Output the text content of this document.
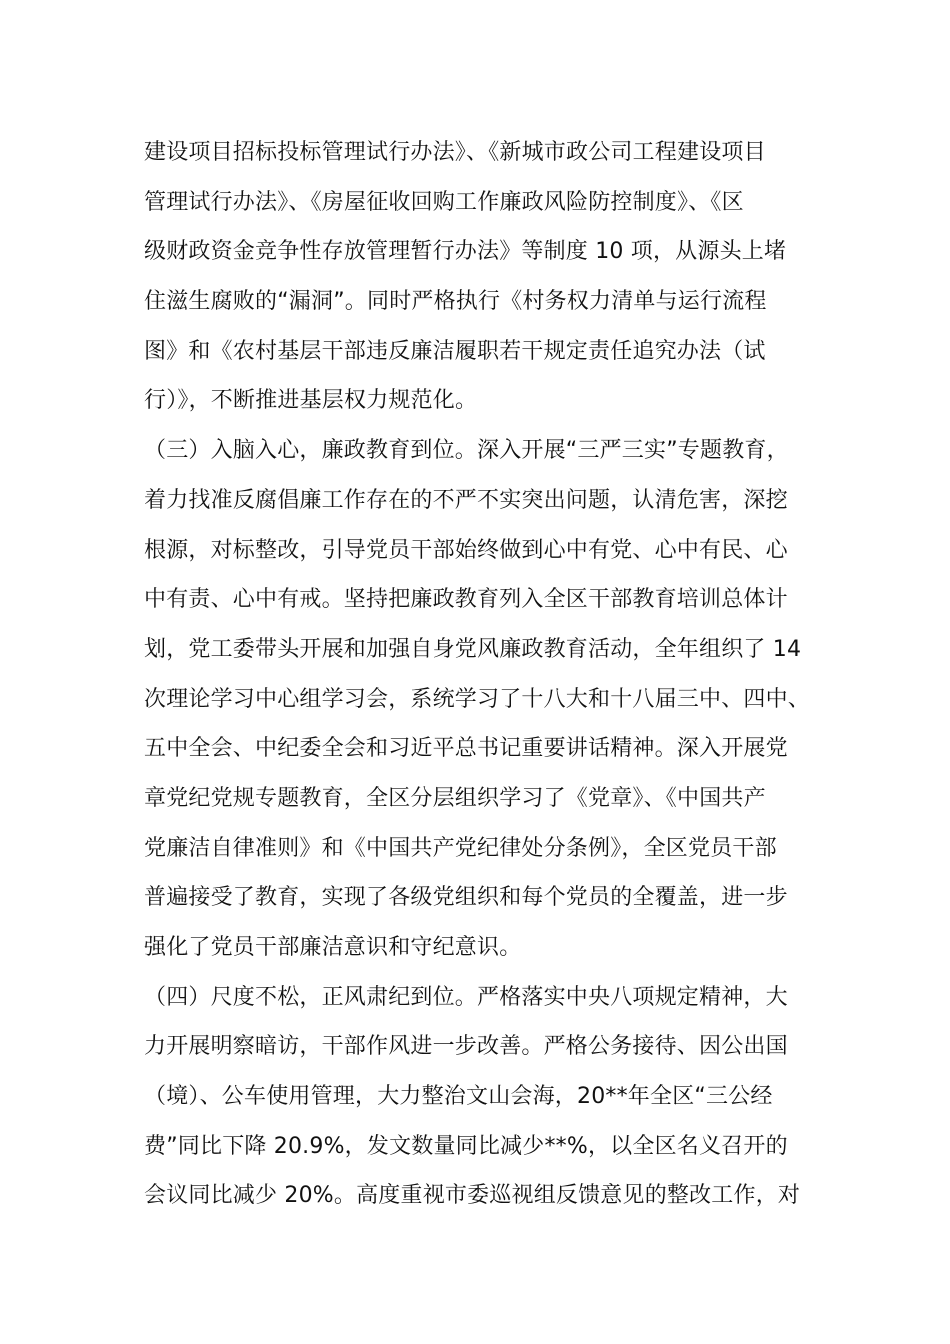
建设项目招标投标管理试行办法》、《新城市政公司工程建设项目
管理试行办法》、《房屋征收回购工作廉政风险防控制度》、《区
级财政资金竞争性存放管理暂行办法》等制度 10 项，从源头上堵
住滋生腐败的“漏洞”。同时严格执行《村务权力清单与运行流程
图》和《农村基层干部违反廉洁履职若干规定责任追究办法（试
行）》，不断推进基层权力规范化。
（三）入脑入心，廉政教育到位。深入开展“三严三实”专题教育，
着力找准反腐倡廉工作存在的不严不实突出问题，认清危害，深挖
根源，对标整改，引导党员干部始终做到心中有党、心中有民、心
中有责、心中有戒。坚持把廉政教育列入全区干部教育培训总体计
划，党工委带头开展和加强自身党风廉政教育活动，全年组织了 14
次理论学习中心组学习会，系统学习了十八大和十八届三中、四中、
五中全会、中纪委全会和习近平总书记重要讲话精神。深入开展党
章党纪党规专题教育，全区分层组织学习了《党章》、《中国共产
党廉洁自律准则》和《中国共产党纪律处分条例》，全区党员干部
普遍接受了教育，实现了各级党组织和每个党员的全覆盖，进一步
强化了党员干部廉洁意识和守纪意识。
（四）尺度不松，正风肃纪到位。严格落实中央八项规定精神，大
力开展明察暗访，干部作风进一步改善。严格公务接待、因公出国
（境）、公车使用管理，大力整治文山会海，20**年全区“三公经
费”同比下降 20.9%，发文数量同比减少**%，以全区名义召开的
会议同比减少 20%。高度重视市委巡视组反馈意见的整改工作，对
